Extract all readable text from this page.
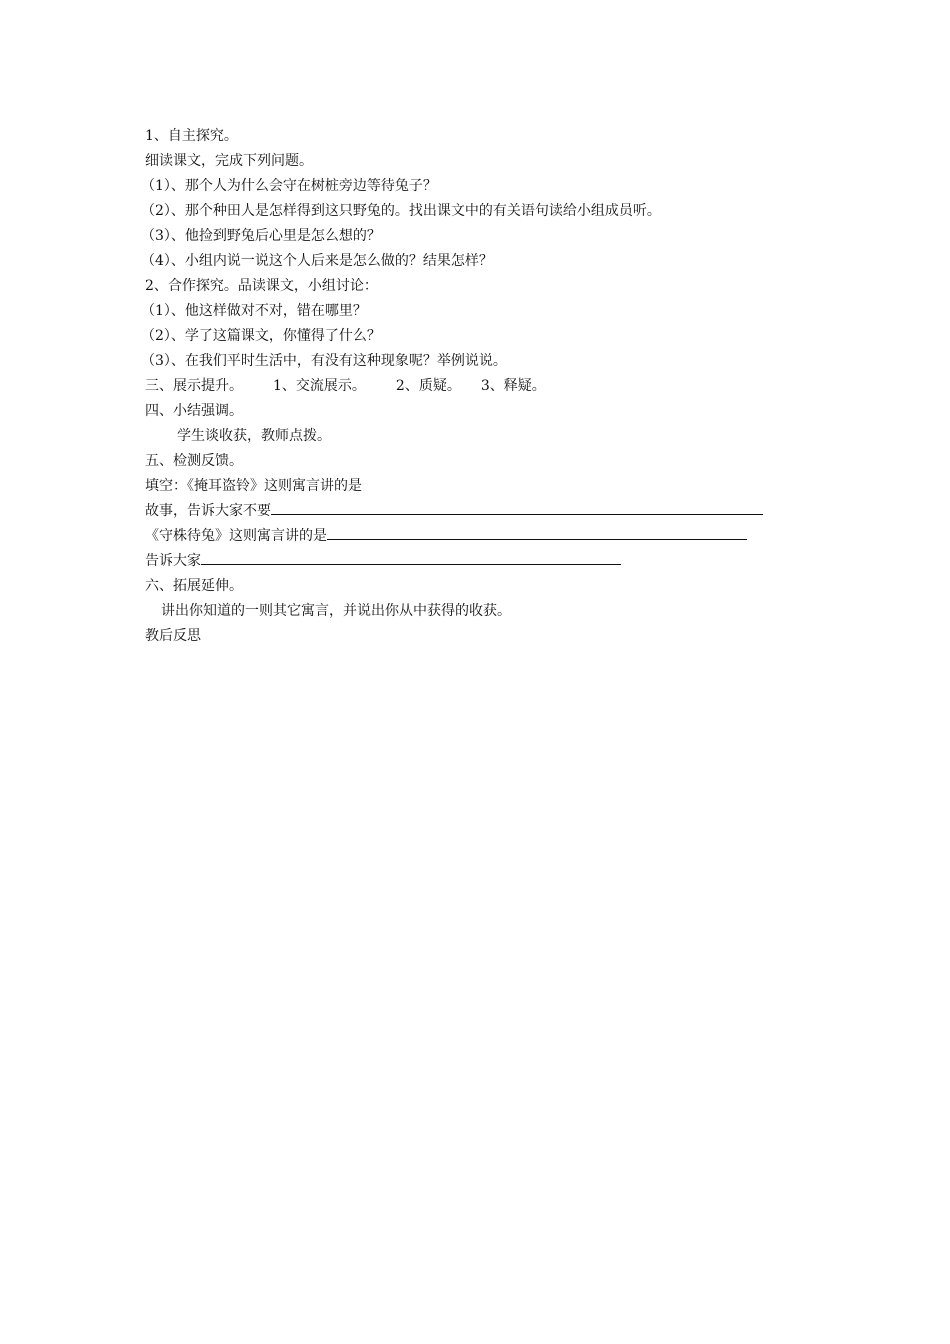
1、自主探究。
细读课文，完成下列问题。
（1）、那个人为什么会守在树桩旁边等待兔子？
（2）、那个种田人是怎样得到这只野兔的。找出课文中的有关语句读给小组成员听。
（3）、他捡到野兔后心里是怎么想的？
（4）、小组内说一说这个人后来是怎么做的？结果怎样？
2、合作探究。品读课文，小组讨论：
（1）、他这样做对不对，错在哪里？
（2）、学了这篇课文，你懂得了什么？
（3）、在我们平时生活中，有没有这种现象呢？举例说说。
三、展示提升。 1、交流展示。 2、质疑。 3、释疑。
四、小结强调。
学生谈收获，教师点拨。
五、检测反馈。
填空：《掩耳盗铃》这则寓言讲的是
故事，告诉大家不要
《守株待兔》这则寓言讲的是
告诉大家
六、拓展延伸。
讲出你知道的一则其它寓言，并说出你从中获得的收获。
教后反思
